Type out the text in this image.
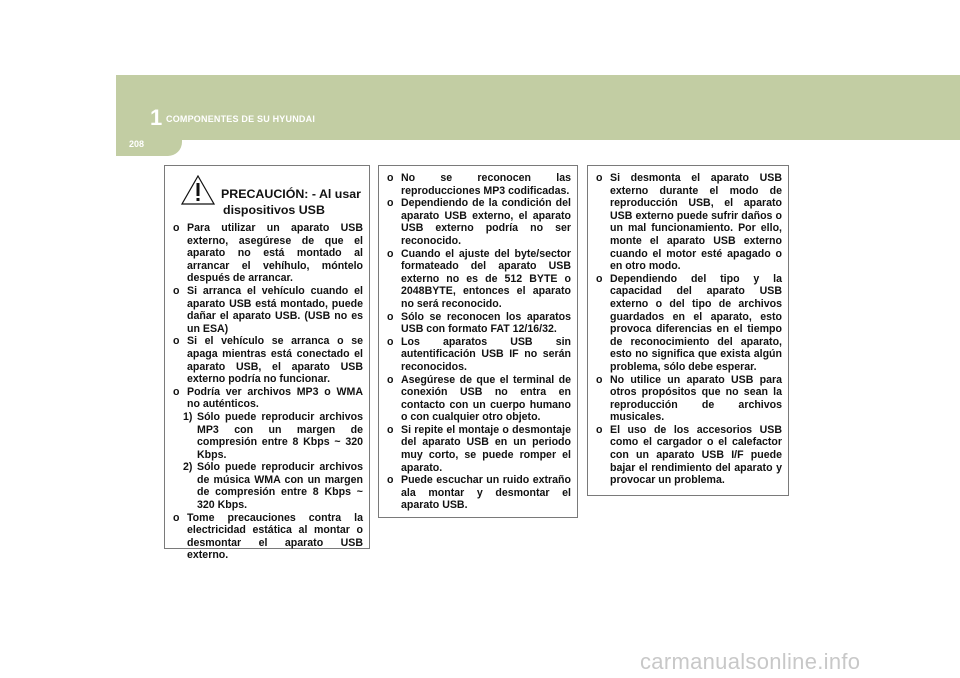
1 COMPONENTES DE SU HYUNDAI
208
PRECAUCIÓN: - Al usar
dispositivos USB
o Para utilizar un aparato USB externo, asegúrese de que el aparato no está montado al arrancar el vehíhulo, móntelo después de arrancar.
o Si arranca el vehículo cuando el aparato USB está montado, puede dañar el aparato USB. (USB no es un ESA)
o Si el vehículo se arranca o se apaga mientras está conectado el aparato USB, el aparato USB externo podría no funcionar.
o Podría ver archivos MP3 o WMA no auténticos.
1) Sólo puede reproducir archivos MP3 con un margen de compresión entre 8 Kbps ~ 320 Kbps.
2) Sólo puede reproducir archivos de música WMA con un margen de compresión entre 8 Kbps ~ 320 Kbps.
o Tome precauciones contra la electricidad estática al montar o desmontar el aparato USB externo.
o No se reconocen las reproducciones MP3 codificadas.
o Dependiendo de la condición del aparato USB externo, el aparato USB externo podría no ser reconocido.
o Cuando el ajuste del byte/sector formateado del aparato USB externo no es de 512 BYTE o 2048BYTE, entonces el aparato no será reconocido.
o Sólo se reconocen los aparatos USB con formato FAT 12/16/32.
o Los aparatos USB sin autentificación USB IF no serán reconocidos.
o Asegúrese de que el terminal de conexión USB no entra en contacto con un cuerpo humano o con cualquier otro objeto.
o Si repite el montaje o desmontaje del aparato USB en un periodo muy corto, se puede romper el aparato.
o Puede escuchar un ruido extraño ala montar y desmontar el aparato USB.
o Si desmonta el aparato USB externo durante el modo de reproducción USB, el aparato USB externo puede sufrir daños o un mal funcionamiento. Por ello, monte el aparato USB externo cuando el motor esté apagado o en otro modo.
o Dependiendo del tipo y la capacidad del aparato USB externo o del tipo de archivos guardados en el aparato, esto provoca diferencias en el tiempo de reconocimiento del aparato, esto no significa que exista algún problema, sólo debe esperar.
o No utilice un aparato USB para otros propósitos que no sean la reproducción de archivos musicales.
o El uso de los accesorios USB como el cargador o el calefactor con un aparato USB I/F puede bajar el rendimiento del aparato y provocar un problema.
carmanualsonline.info
